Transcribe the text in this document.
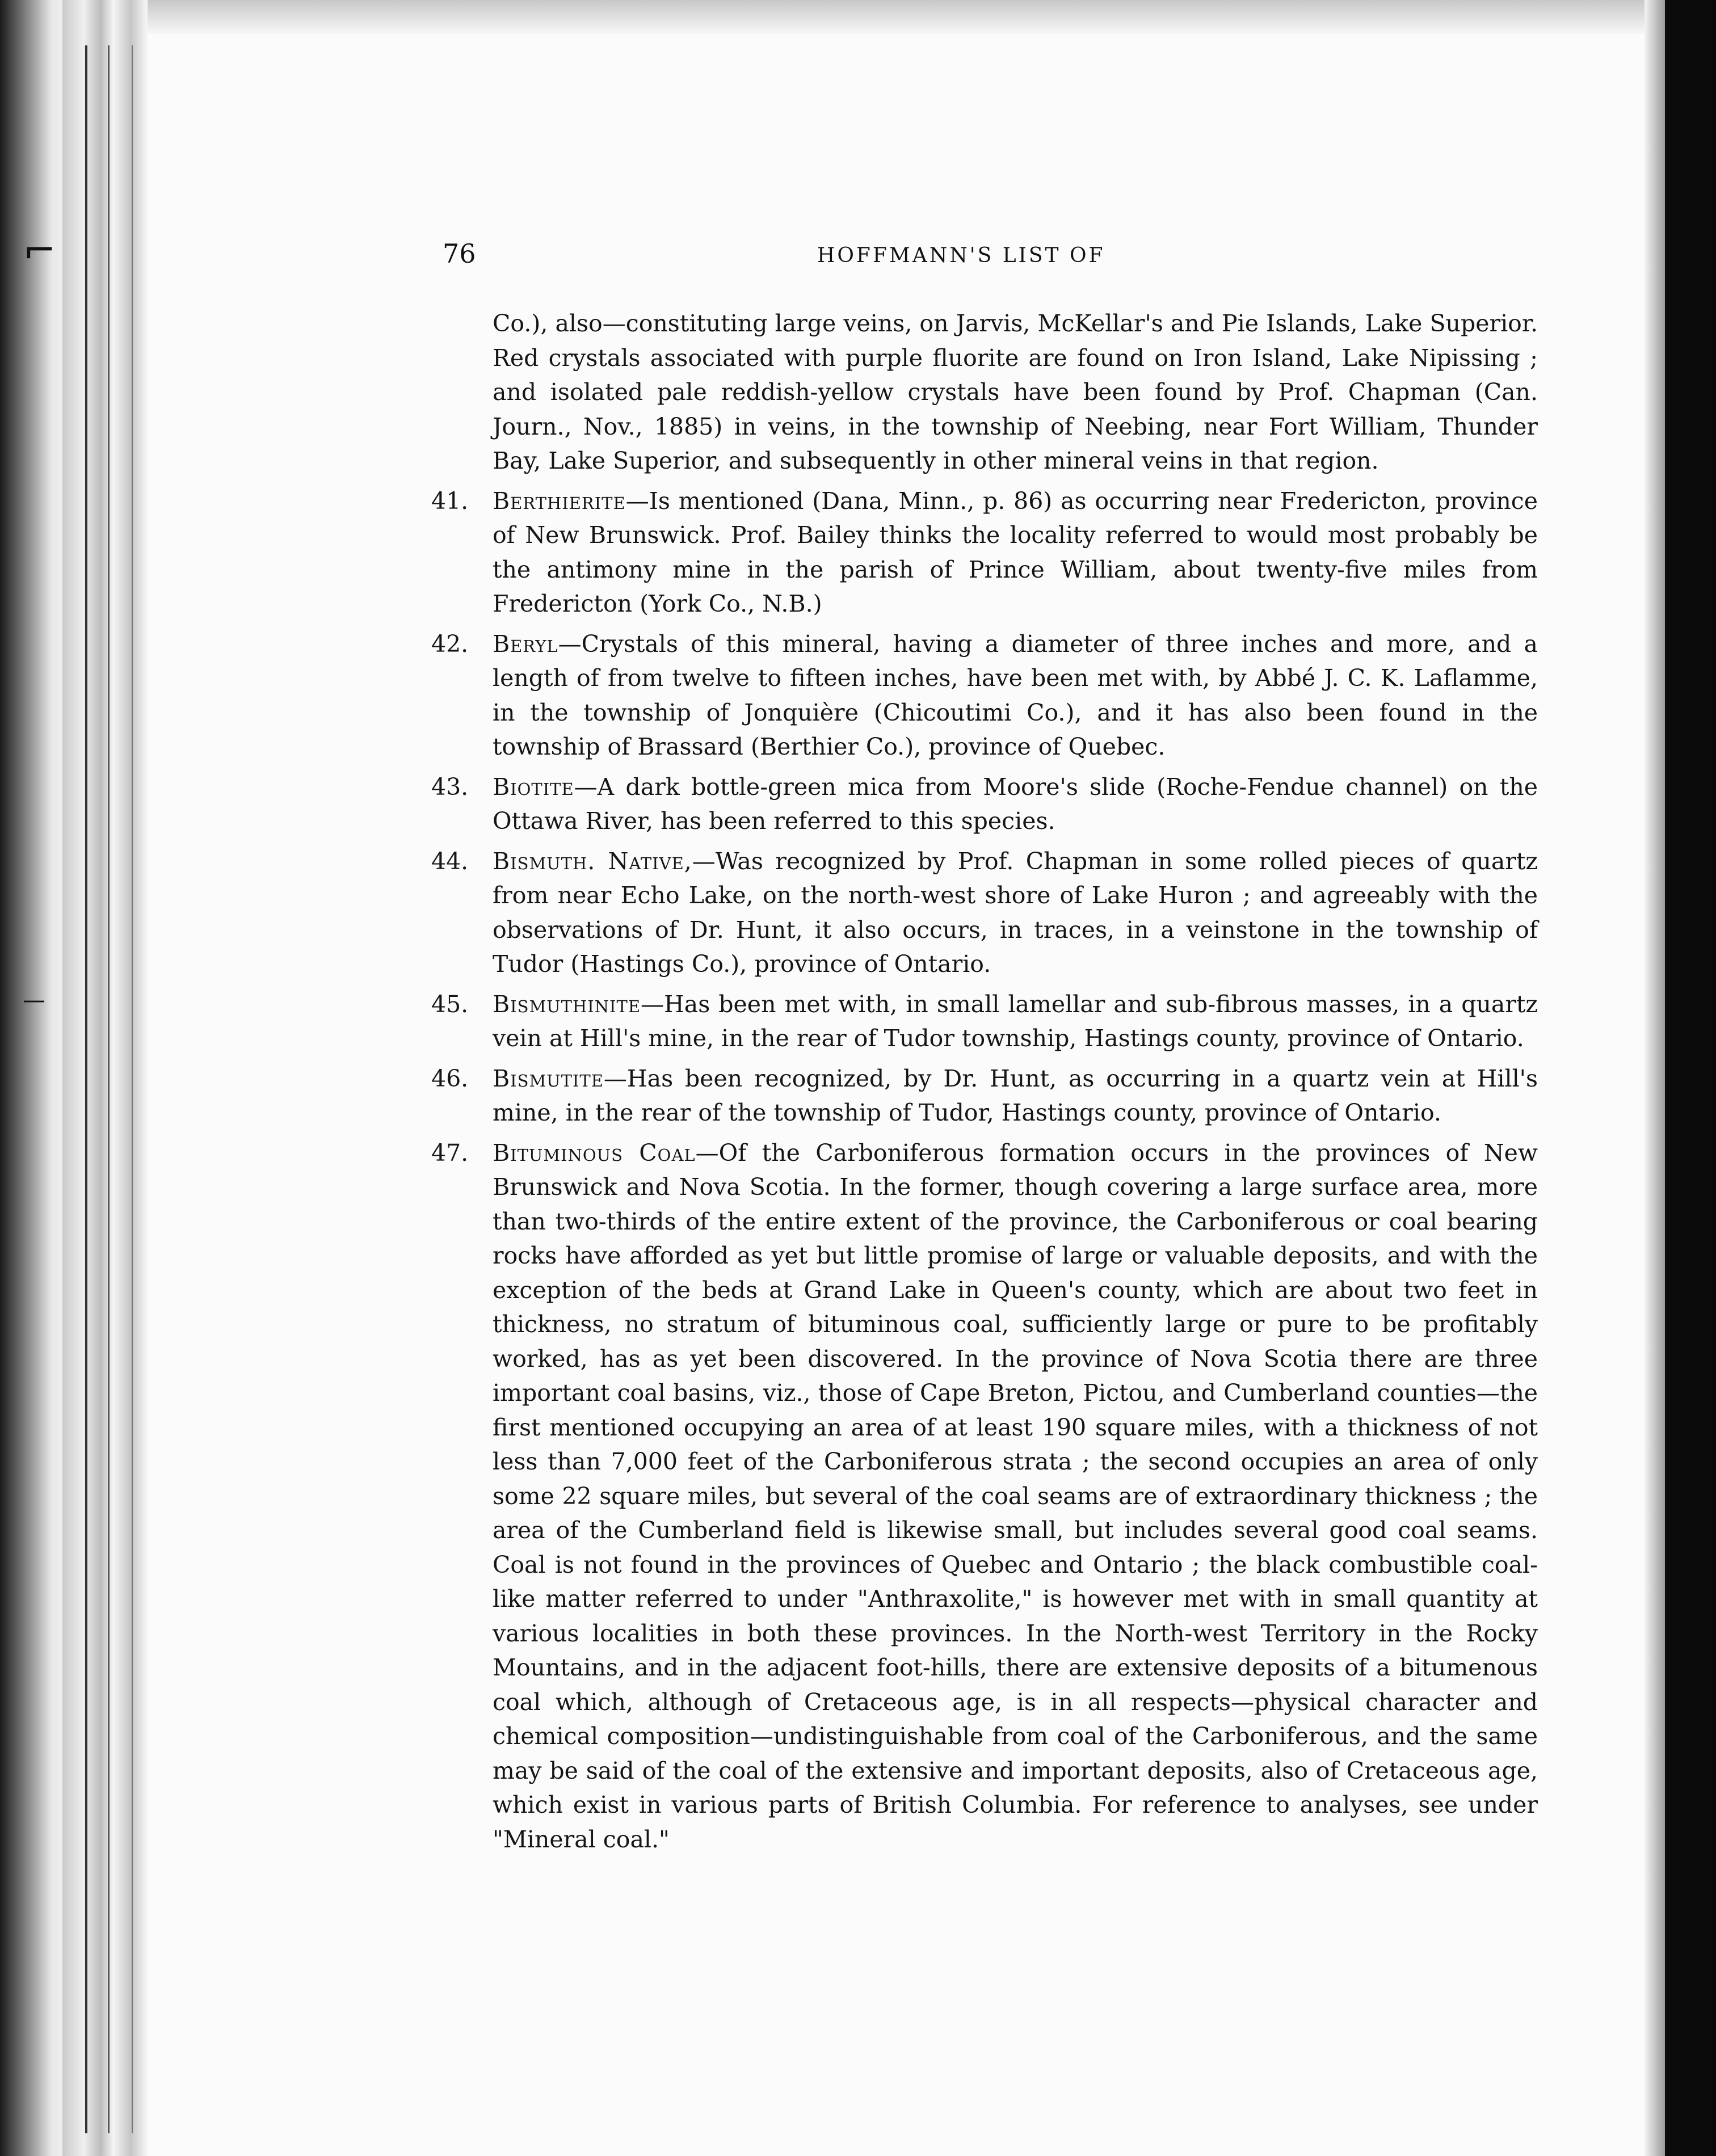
⌐
—
76	HOFFMANN'S LIST OF

Co.), also—constituting large veins, on Jarvis, McKellar's and Pie Islands, Lake Superior. Red crystals associated with purple fluorite are found on Iron Island, Lake Nipissing ; and isolated pale reddish-yellow crystals have been found by Prof. Chapman (Can. Journ., Nov., 1885) in veins, in the township of Neebing, near Fort William, Thunder Bay, Lake Superior, and subsequently in other mineral veins in that region.

41.	Berthierite—Is mentioned (Dana, Minn., p. 86) as occurring near Fredericton, province of New Brunswick. Prof. Bailey thinks the locality referred to would most probably be the antimony mine in the parish of Prince William, about twenty-five miles from Fredericton (York Co., N.B.)

42.	Beryl—Crystals of this mineral, having a diameter of three inches and more, and a length of from twelve to fifteen inches, have been met with, by Abbé J. C. K. Laflamme, in the township of Jonquière (Chicoutimi Co.), and it has also been found in the township of Brassard (Berthier Co.), province of Quebec.

43.	Biotite—A dark bottle-green mica from Moore's slide (Roche-Fendue channel) on the Ottawa River, has been referred to this species.

44.	Bismuth. Native,—Was recognized by Prof. Chapman in some rolled pieces of quartz from near Echo Lake, on the north-west shore of Lake Huron ; and agreeably with the observations of Dr. Hunt, it also occurs, in traces, in a veinstone in the township of Tudor (Hastings Co.), province of Ontario.

45.	Bismuthinite—Has been met with, in small lamellar and sub-fibrous masses, in a quartz vein at Hill's mine, in the rear of Tudor township, Hastings county, province of Ontario.

46.	Bismutite—Has been recognized, by Dr. Hunt, as occurring in a quartz vein at Hill's mine, in the rear of the township of Tudor, Hastings county, province of Ontario.

47.	Bituminous Coal—Of the Carboniferous formation occurs in the provinces of New Brunswick and Nova Scotia. In the former, though covering a large surface area, more than two-thirds of the entire extent of the province, the Carboniferous or coal bearing rocks have afforded as yet but little promise of large or valuable deposits, and with the exception of the beds at Grand Lake in Queen's county, which are about two feet in thickness, no stratum of bituminous coal, sufficiently large or pure to be profitably worked, has as yet been discovered. In the province of Nova Scotia there are three important coal basins, viz., those of Cape Breton, Pictou, and Cumberland counties—the first mentioned occupying an area of at least 190 square miles, with a thickness of not less than 7,000 feet of the Carboniferous strata ; the second occupies an area of only some 22 square miles, but several of the coal seams are of extraordinary thickness ; the area of the Cumberland field is likewise small, but includes several good coal seams. Coal is not found in the provinces of Quebec and Ontario ; the black combustible coal-like matter referred to under "Anthraxolite," is however met with in small quantity at various localities in both these provinces. In the North-west Territory in the Rocky Mountains, and in the adjacent foot-hills, there are extensive deposits of a bitumenous coal which, although of Cretaceous age, is in all respects—physical character and chemical composition—undistinguishable from coal of the Carboniferous, and the same may be said of the coal of the extensive and important deposits, also of Cretaceous age, which exist in various parts of British Columbia. For reference to analyses, see under "Mineral coal."
